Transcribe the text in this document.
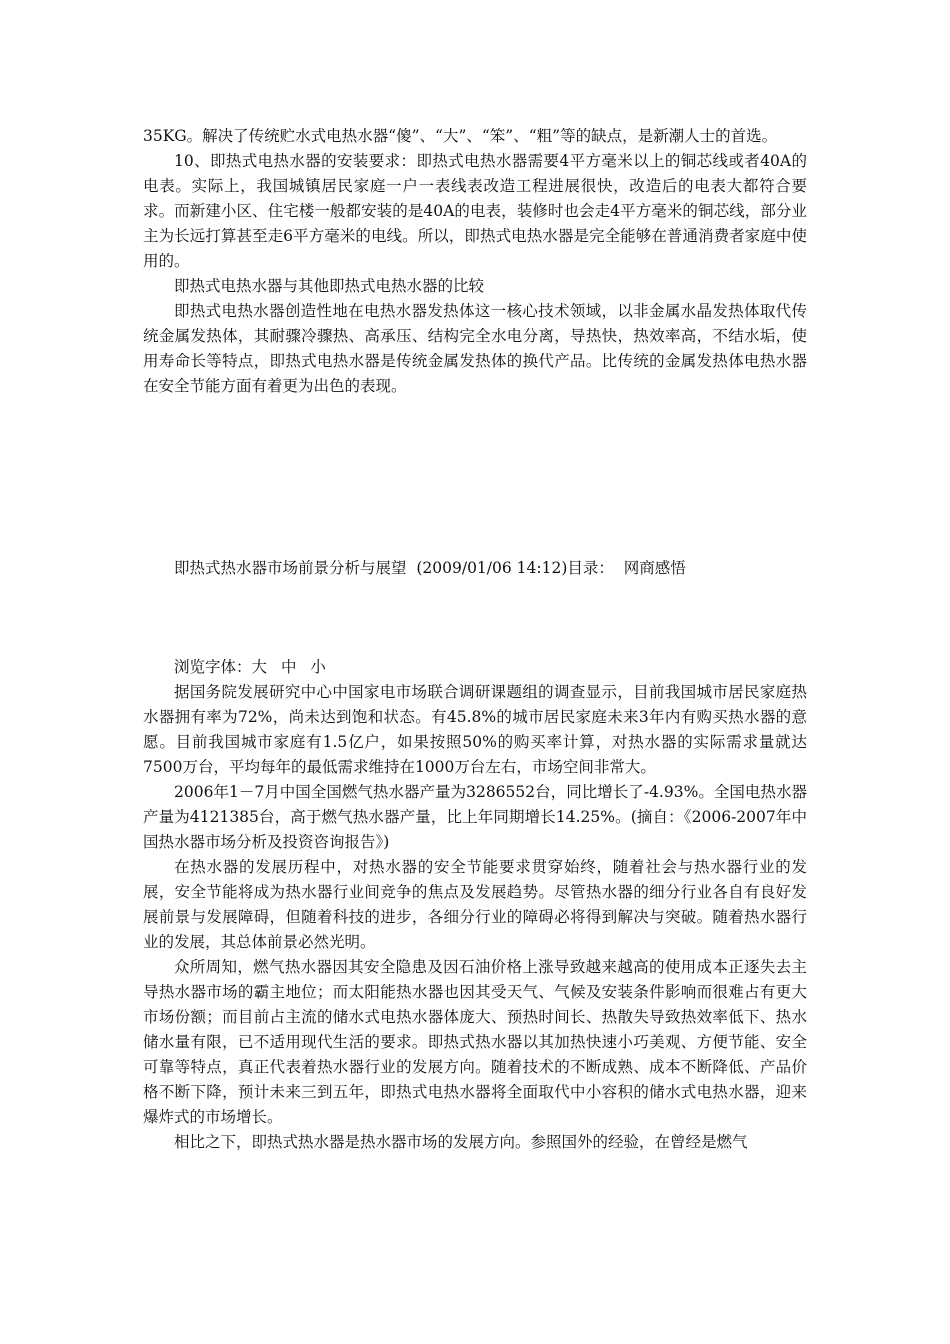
35KG。解决了传统贮水式电热水器“傻”、“大”、“笨”、“粗”等的缺点，是新潮人士的首选。

10、即热式电热水器的安装要求：即热式电热水器需要4平方毫米以上的铜芯线或者40A的电表。实际上，我国城镇居民家庭一户一表线表改造工程进展很快，改造后的电表大都符合要求。而新建小区、住宅楼一般都安装的是40A的电表，装修时也会走4平方毫米的铜芯线，部分业主为长远打算甚至走6平方毫米的电线。所以，即热式电热水器是完全能够在普通消费者家庭中使用的。

即热式电热水器与其他即热式电热水器的比较

即热式电热水器创造性地在电热水器发热体这一核心技术领域，以非金属水晶发热体取代传统金属发热体，其耐骤冷骤热、高承压、结构完全水电分离，导热快，热效率高，不结水垢，使用寿命长等特点，即热式电热水器是传统金属发热体的换代产品。比传统的金属发热体电热水器在安全节能方面有着更为出色的表现。

即热式热水器市场前景分析与展望  (2009/01/06 14:12)目录：  网商感悟

浏览字体：大 中 小

据国务院发展研究中心中国家电市场联合调研课题组的调查显示，目前我国城市居民家庭热水器拥有率为72%，尚未达到饱和状态。有45.8%的城市居民家庭未来3年内有购买热水器的意愿。目前我国城市家庭有1.5亿户，如果按照50%的购买率计算，对热水器的实际需求量就达7500万台，平均每年的最低需求维持在1000万台左右，市场空间非常大。

2006年1－7月中国全国燃气热水器产量为3286552台，同比增长了-4.93%。全国电热水器产量为4121385台，高于燃气热水器产量，比上年同期增长14.25%。(摘自：《2006-2007年中国热水器市场分析及投资咨询报告》)

在热水器的发展历程中，对热水器的安全节能要求贯穿始终，随着社会与热水器行业的发展，安全节能将成为热水器行业间竞争的焦点及发展趋势。尽管热水器的细分行业各自有良好发展前景与发展障碍，但随着科技的进步，各细分行业的障碍必将得到解决与突破。随着热水器行业的发展，其总体前景必然光明。

众所周知，燃气热水器因其安全隐患及因石油价格上涨导致越来越高的使用成本正逐失去主导热水器市场的霸主地位；而太阳能热水器也因其受天气、气候及安装条件影响而很难占有更大市场份额；而目前占主流的储水式电热水器体庞大、预热时间长、热散失导致热效率低下、热水储水量有限，已不适用现代生活的要求。即热式热水器以其加热快速小巧美观、方便节能、安全可靠等特点，真正代表着热水器行业的发展方向。随着技术的不断成熟、成本不断降低、产品价格不断下降，预计未来三到五年，即热式电热水器将全面取代中小容积的储水式电热水器，迎来爆炸式的市场增长。

相比之下，即热式热水器是热水器市场的发展方向。参照国外的经验，在曾经是燃气
